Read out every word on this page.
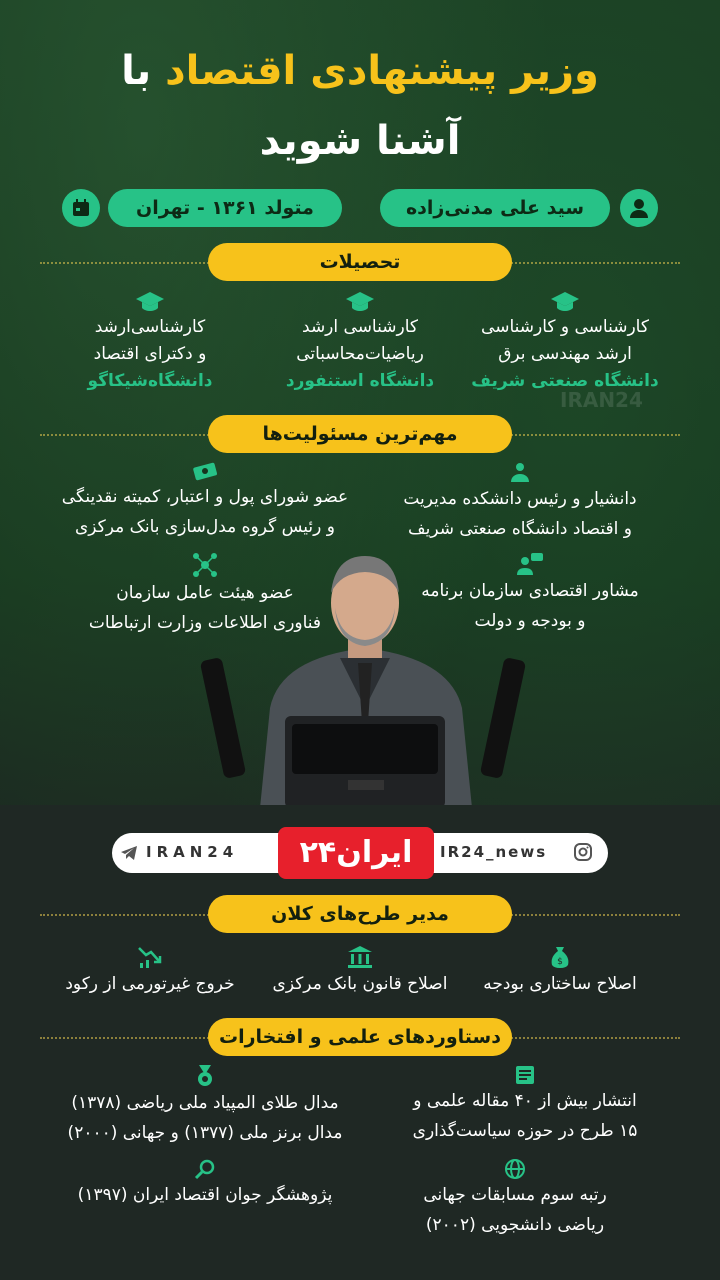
وزیر پیشنهادی اقتصاد با
آشنا شوید
سید علی مدنی‌زاده
متولد ۱۳۶۱ - تهران
تحصیلات
کارشناسی و کارشناسی
ارشد مهندسی برق
دانشگاه صنعتی شریف
کارشناسی ارشد
ریاضیات‌محاسباتی
دانشگاه استنفورد
کارشناسی‌ارشد
و دکترای اقتصاد
دانشگاه‌شیکاگو
IRAN24
مهم‌ترین مسئولیت‌ها
دانشیار و رئیس دانشکده مدیریت
و اقتصاد دانشگاه صنعتی شریف
عضو شورای پول و اعتبار، کمیته نقدینگی
و رئیس گروه مدل‌سازی بانک مرکزی
مشاور اقتصادی سازمان برنامه
و بودجه و دولت
عضو هیئت عامل سازمان
فناوری اطلاعات وزارت ارتباطات
IRAN24	ایران۲۴	IR24_news
مدیر طرح‌های کلان
$
اصلاح ساختاری بودجه
اصلاح قانون بانک مرکزی
خروج غیرتورمی از رکود
دستاوردهای علمی و افتخارات
انتشار بیش از ۴۰ مقاله علمی و
۱۵ طرح در حوزه سیاست‌گذاری
مدال طلای المپیاد ملی ریاضی (۱۳۷۸)
مدال برنز ملی (۱۳۷۷) و جهانی (۲۰۰۰)
رتبه سوم مسابقات جهانی
ریاضی دانشجویی (۲۰۰۲)
پژوهشگر جوان اقتصاد ایران (۱۳۹۷)
